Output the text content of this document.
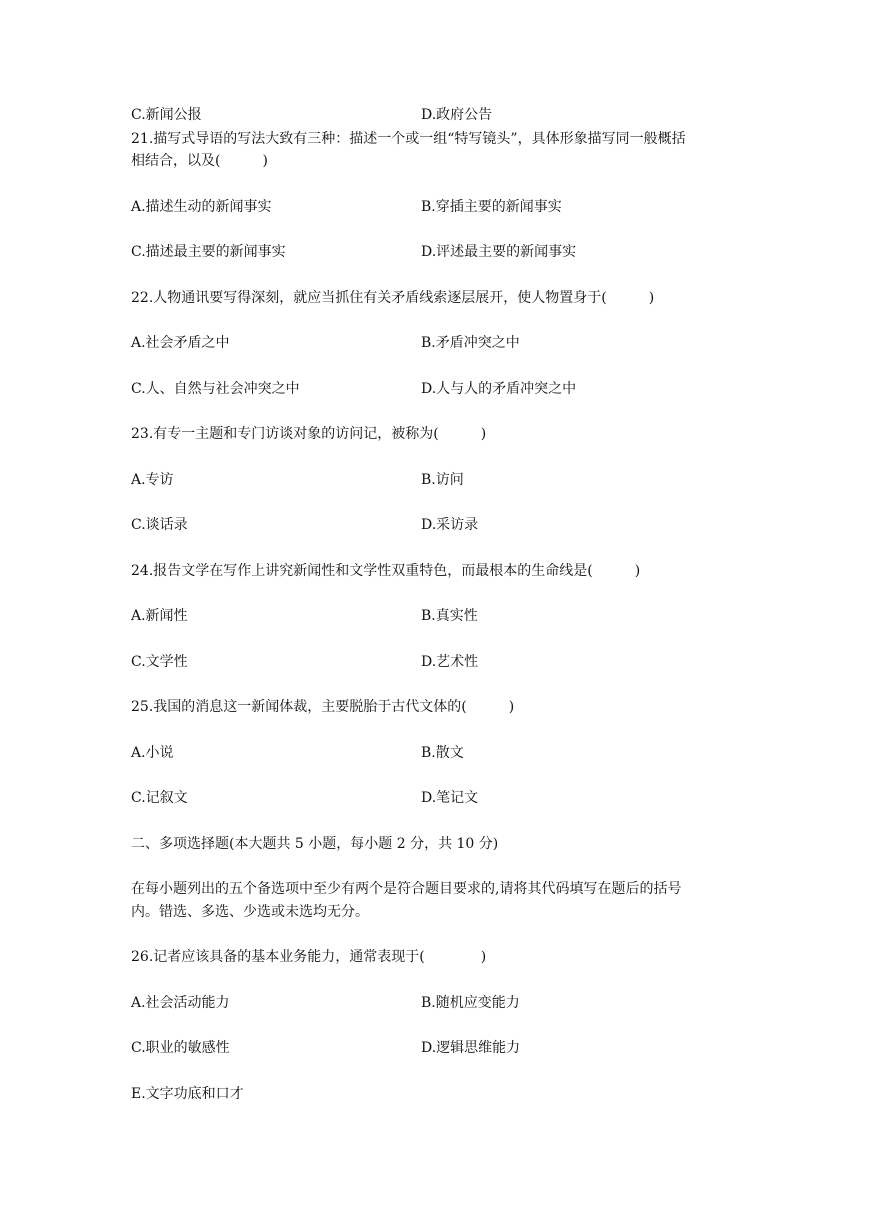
C.新闻公报	D.政府公告
21.描写式导语的写法大致有三种：描述一个或一组“特写镜头”，具体形象描写同一般概括
相结合，以及(　　　)
A.描述生动的新闻事实	B.穿插主要的新闻事实
C.描述最主要的新闻事实	D.评述最主要的新闻事实
22.人物通讯要写得深刻，就应当抓住有关矛盾线索逐层展开，使人物置身于(　　　)
A.社会矛盾之中	B.矛盾冲突之中
C.人、自然与社会冲突之中	D.人与人的矛盾冲突之中
23.有专一主题和专门访谈对象的访问记，被称为(　　　)
A.专访	B.访问
C.谈话录	D.采访录
24.报告文学在写作上讲究新闻性和文学性双重特色，而最根本的生命线是(　　　)
A.新闻性	B.真实性
C.文学性	D.艺术性
25.我国的消息这一新闻体裁，主要脱胎于古代文体的(　　　)
A.小说	B.散文
C.记叙文	D.笔记文
二、多项选择题(本大题共 5 小题，每小题 2 分，共 10 分)
在每小题列出的五个备选项中至少有两个是符合题目要求的,请将其代码填写在题后的括号
内。错选、多选、少选或未选均无分。
26.记者应该具备的基本业务能力，通常表现于(　　　　)
A.社会活动能力	B.随机应变能力
C.职业的敏感性	D.逻辑思维能力
E.文字功底和口才
